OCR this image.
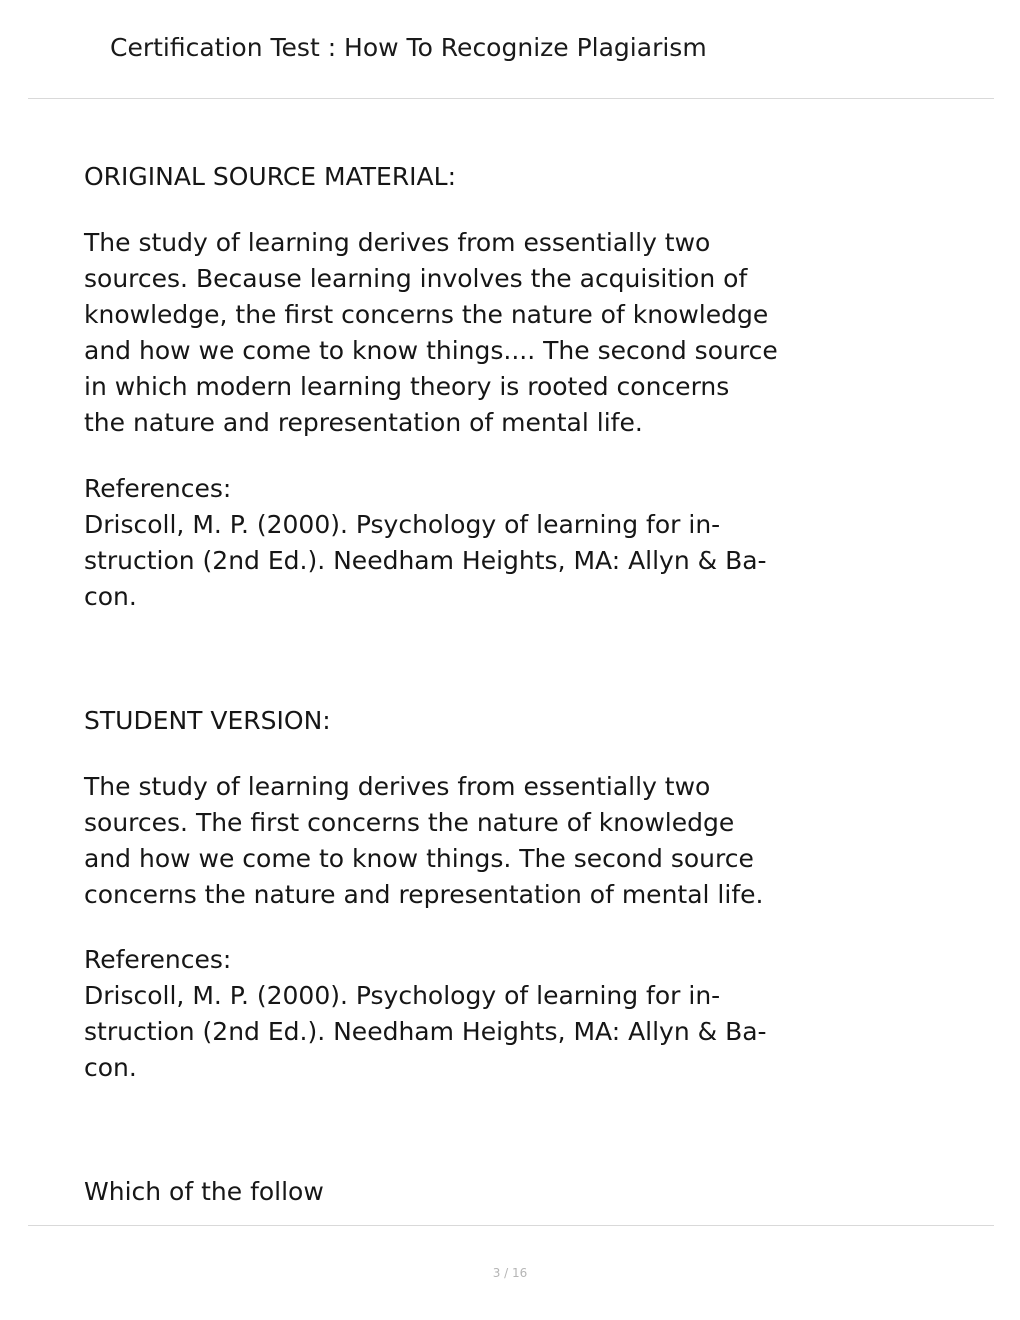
Certification Test : How To Recognize Plagiarism

ORIGINAL SOURCE MATERIAL:

The study of learning derives from essentially two
sources. Because learning involves the acquisition of
knowledge, the first concerns the nature of knowledge
and how we come to know things.... The second source
in which modern learning theory is rooted concerns
the nature and representation of mental life.

References:

Driscoll, M. P. (2000). Psychology of learning for in-
struction (2nd Ed.). Needham Heights, MA: Allyn & Ba-
con.

STUDENT VERSION:

The study of learning derives from essentially two
sources. The first concerns the nature of knowledge
and how we come to know things. The second source
concerns the nature and representation of mental life.

References:

Driscoll, M. P. (2000). Psychology of learning for in-
struction (2nd Ed.). Needham Heights, MA: Allyn & Ba-
con.

Which of the follow

3 / 16
